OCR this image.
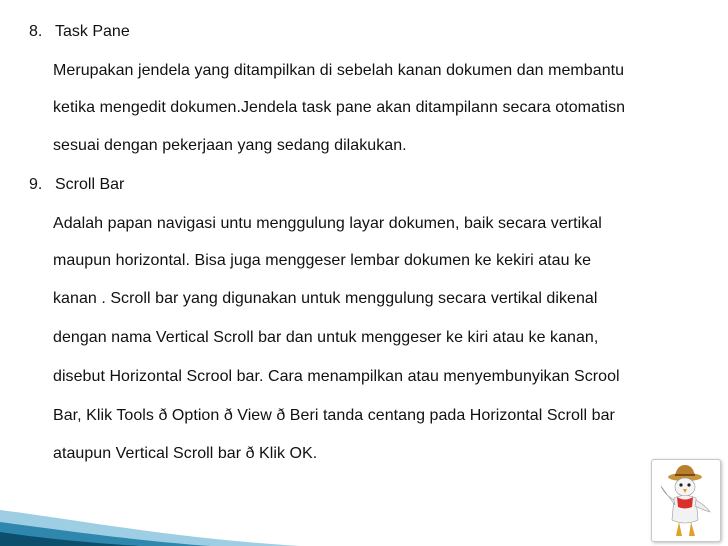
8. Task Pane
Merupakan jendela yang ditampilkan di sebelah kanan dokumen dan membantu
ketika mengedit dokumen.Jendela task pane akan ditampilann secara otomatisn
sesuai dengan pekerjaan yang sedang dilakukan.
9. Scroll Bar
Adalah papan navigasi untu menggulung layar dokumen, baik secara vertikal
maupun horizontal. Bisa juga menggeser lembar dokumen ke kekiri atau ke
kanan . Scroll bar yang digunakan untuk menggulung secara vertikal dikenal
dengan nama Vertical Scroll bar dan untuk menggeser ke kiri atau ke kanan,
disebut Horizontal Scrool bar. Cara menampilkan atau menyembunyikan Scrool
Bar, Klik Tools ð Option ð View ð Beri tanda centang pada Horizontal Scroll bar
ataupun Vertical Scroll bar ð Klik OK.
